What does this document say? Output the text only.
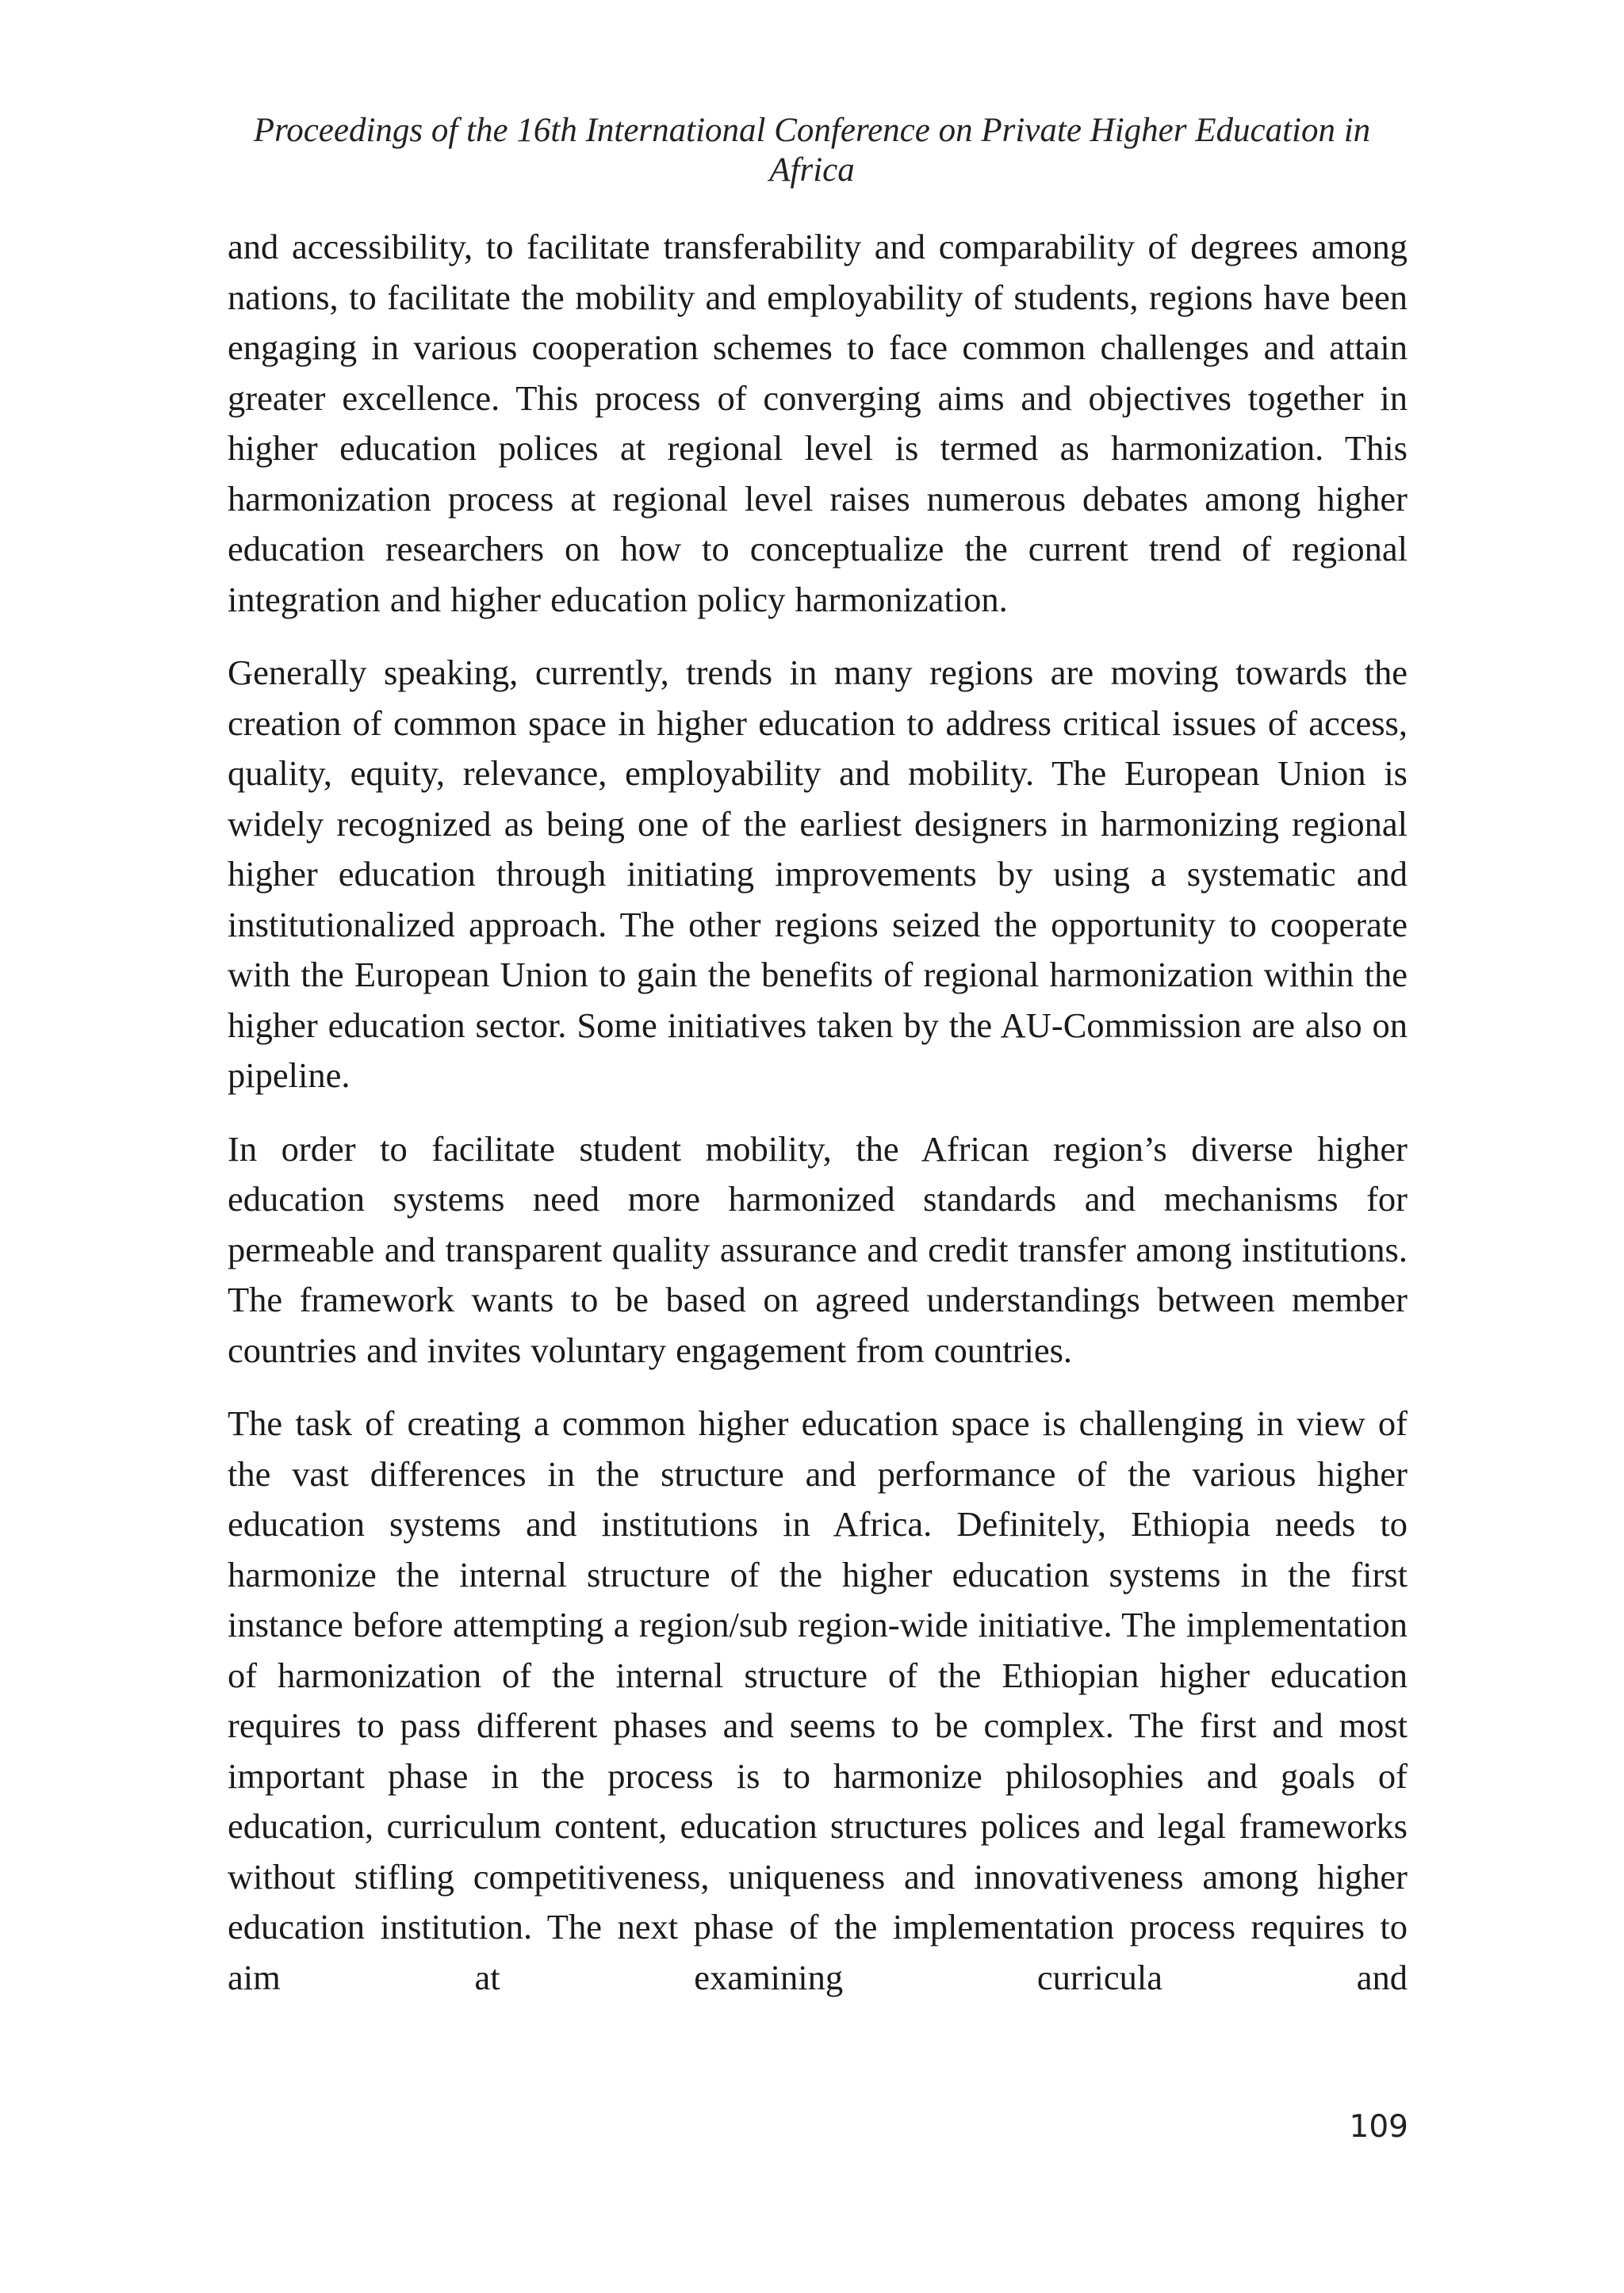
Proceedings of the 16th International Conference on Private Higher Education in
Africa

and accessibility, to facilitate transferability and comparability of degrees among nations, to facilitate the mobility and employability of students, regions have been engaging in various cooperation schemes to face common challenges and attain greater excellence. This process of converging aims and objectives together in higher education polices at regional level is termed as harmonization. This harmonization process at regional level raises numerous debates among higher education researchers on how to conceptualize the current trend of regional integration and higher education policy harmonization.

Generally speaking, currently, trends in many regions are moving towards the creation of common space in higher education to address critical issues of access, quality, equity, relevance, employability and mobility. The European Union is widely recognized as being one of the earliest designers in harmonizing regional higher education through initiating improvements by using a systematic and institutionalized approach. The other regions seized the opportunity to cooperate with the European Union to gain the benefits of regional harmonization within the higher education sector. Some initiatives taken by the AU-Commission are also on pipeline.

In order to facilitate student mobility, the African region’s diverse higher education systems need more harmonized standards and mechanisms for permeable and transparent quality assurance and credit transfer among institutions. The framework wants to be based on agreed understandings between member countries and invites voluntary engagement from countries.

The task of creating a common higher education space is challenging in view of the vast differences in the structure and performance of the various higher education systems and institutions in Africa. Definitely, Ethiopia needs to harmonize the internal structure of the higher education systems in the first instance before attempting a region/sub region-wide initiative. The implementation of harmonization of the internal structure of the Ethiopian higher education requires to pass different phases and seems to be complex. The first and most important phase in the process is to harmonize philosophies and goals of education, curriculum content, education structures polices and legal frameworks without stifling competitiveness, uniqueness and innovativeness among higher education institution. The next phase of the implementation process requires to aim at examining curricula and

109
